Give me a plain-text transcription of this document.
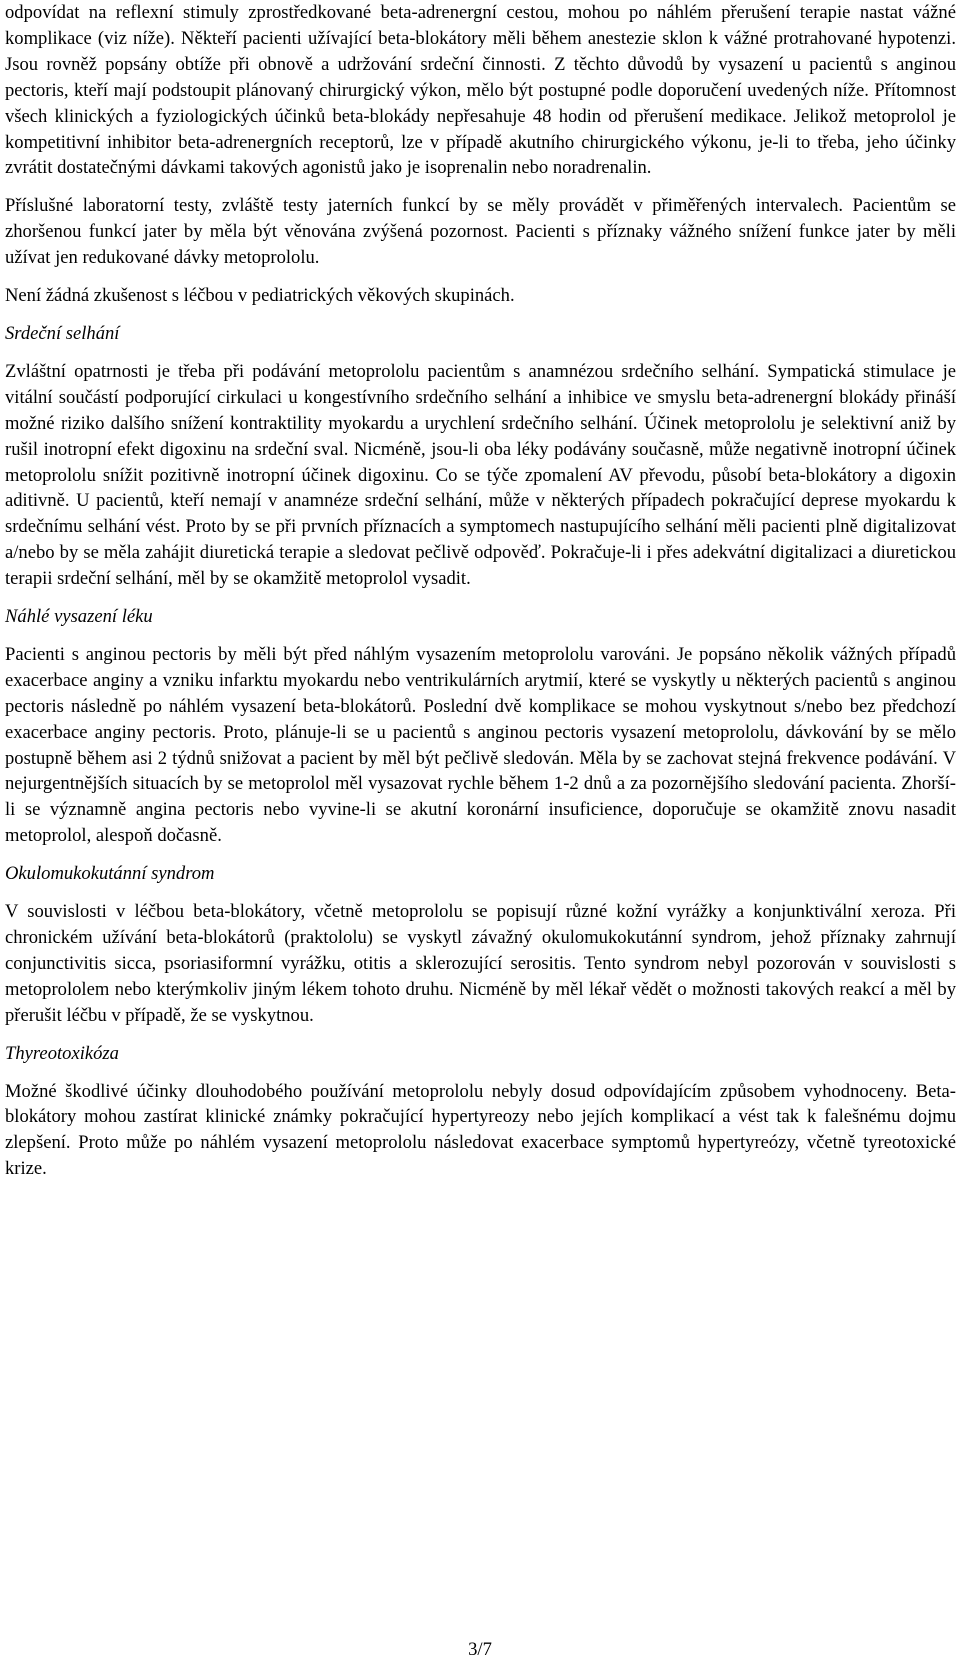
odpovídat na reflexní stimuly zprostředkované beta-adrenergní cestou, mohou po náhlém přerušení terapie nastat vážné komplikace (viz níže). Někteří pacienti užívající beta-blokátory měli během anestezie sklon k vážné protrahované hypotenzi. Jsou rovněž popsány obtíže při obnově a udržování srdeční činnosti. Z těchto důvodů by vysazení u pacientů s anginou pectoris, kteří mají podstoupit plánovaný chirurgický výkon, mělo být postupné podle doporučení uvedených níže. Přítomnost všech klinických a fyziologických účinků beta-blokády nepřesahuje 48 hodin od přerušení medikace. Jelikož metoprolol je kompetitivní inhibitor beta-adrenergních receptorů, lze v případě akutního chirurgického výkonu, je-li to třeba, jeho účinky zvrátit dostatečnými dávkami takových agonistů jako je isoprenalin nebo noradrenalin.

Příslušné laboratorní testy, zvláště testy jaterních funkcí by se měly provádět v přiměřených intervalech. Pacientům se zhoršenou funkcí jater by měla být věnována zvýšená pozornost. Pacienti s příznaky vážného snížení funkce jater by měli užívat jen redukované dávky metoprololu.

Není žádná zkušenost s léčbou v pediatrických věkových skupinách.

Srdeční selhání

Zvláštní opatrnosti je třeba při podávání metoprololu pacientům s anamnézou srdečního selhání. Sympatická stimulace je vitální součástí podporující cirkulaci u kongestívního srdečního selhání a inhibice ve smyslu beta-adrenergní blokády přináší možné riziko dalšího snížení kontraktility myokardu a urychlení srdečního selhání. Účinek metoprololu je selektivní aniž by rušil inotropní efekt digoxinu na srdeční sval. Nicméně, jsou-li oba léky podávány současně, může negativně inotropní účinek metoprololu snížit pozitivně inotropní účinek digoxinu. Co se týče zpomalení AV převodu, působí beta-blokátory a digoxin aditivně. U pacientů, kteří nemají v anamnéze srdeční selhání, může v některých případech pokračující deprese myokardu k srdečnímu selhání vést. Proto by se při prvních příznacích a symptomech nastupujícího selhání měli pacienti plně digitalizovat a/nebo by se měla zahájit diuretická terapie a sledovat pečlivě odpověď. Pokračuje-li i přes adekvátní digitalizaci a diuretickou terapii srdeční selhání, měl by se okamžitě metoprolol vysadit.

Náhlé vysazení léku

Pacienti s anginou pectoris by měli být před náhlým vysazením metoprololu varováni. Je popsáno několik vážných případů exacerbace anginy a vzniku infarktu myokardu nebo ventrikulárních arytmií, které se vyskytly u některých pacientů s anginou pectoris následně po náhlém vysazení beta-blokátorů. Poslední dvě komplikace se mohou vyskytnout s/nebo bez předchozí exacerbace anginy pectoris. Proto, plánuje-li se u pacientů s anginou pectoris vysazení metoprololu, dávkování by se mělo postupně během asi 2 týdnů snižovat a pacient by měl být pečlivě sledován. Měla by se zachovat stejná frekvence podávání. V nejurgentnějších situacích by se metoprolol měl vysazovat rychle během 1-2 dnů a za pozornějšího sledování pacienta. Zhorší-li se významně angina pectoris nebo vyvine-li se akutní koronární insuficience, doporučuje se okamžitě znovu nasadit metoprolol, alespoň dočasně.

Okulomukokutánní syndrom

V souvislosti v léčbou beta-blokátory, včetně metoprololu se popisují různé kožní vyrážky a konjunktivální xeroza. Při chronickém užívání beta-blokátorů (praktololu) se vyskytl závažný okulomukokutánní syndrom, jehož příznaky zahrnují conjunctivitis sicca, psoriasiformní vyrážku, otitis a sklerozující serositis. Tento syndrom nebyl pozorován v souvislosti s metoprololem nebo kterýmkoliv jiným lékem tohoto druhu. Nicméně by měl lékař vědět o možnosti takových reakcí a měl by přerušit léčbu v případě, že se vyskytnou.

Thyreotoxikóza

Možné škodlivé účinky dlouhodobého používání metoprololu nebyly dosud odpovídajícím způsobem vyhodnoceny. Beta-blokátory mohou zastírat klinické známky pokračující hypertyreozy nebo jejích komplikací a vést tak k falešnému dojmu zlepšení. Proto může po náhlém vysazení metoprololu následovat exacerbace symptomů hypertyreózy, včetně tyreotoxické krize.

3/7
